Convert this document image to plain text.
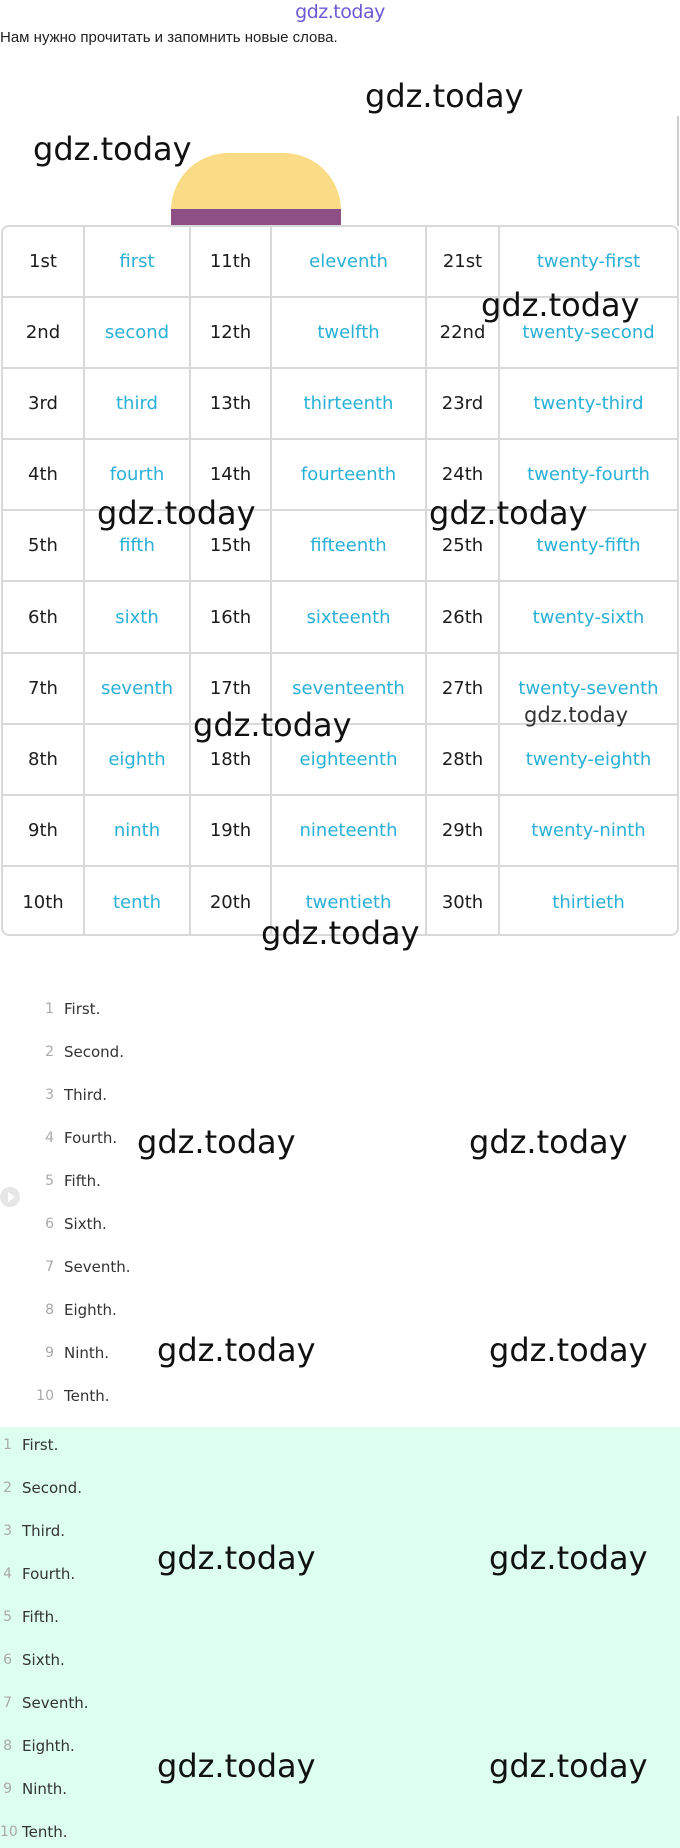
gdz.today
Нам нужно прочитать и запомнить новые слова.
1st	first	11th	eleventh	21st	twenty-first
2nd	second	12th	twelfth	22nd	twenty-second
3rd	third	13th	thirteenth	23rd	twenty-third
4th	fourth	14th	fourteenth	24th	twenty-fourth
5th	fifth	15th	fifteenth	25th	twenty-fifth
6th	sixth	16th	sixteenth	26th	twenty-sixth
7th	seventh	17th	seventeenth	27th	twenty-seventh
8th	eighth	18th	eighteenth	28th	twenty-eighth
9th	ninth	19th	nineteenth	29th	twenty-ninth
10th	tenth	20th	twentieth	30th	thirtieth
1 First.
2 Second.
3 Third.
4 Fourth.
5 Fifth.
6 Sixth.
7 Seventh.
8 Eighth.
9 Ninth.
10 Tenth.
1 First.
2 Second.
3 Third.
4 Fourth.
5 Fifth.
6 Sixth.
7 Seventh.
8 Eighth.
9 Ninth.
10 Tenth.
gdz.today
gdz.today
gdz.today
gdz.today	gdz.today
gdz.today
gdz.today
gdz.today
gdz.today	gdz.today
gdz.today	gdz.today
gdz.today	gdz.today
gdz.today	gdz.today
